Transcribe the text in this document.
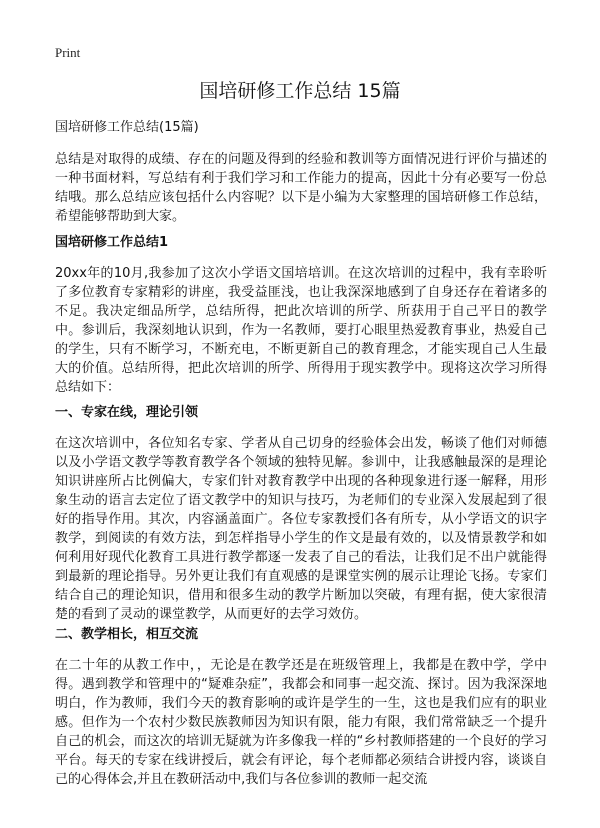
Print
国培研修工作总结 15篇
国培研修工作总结(15篇)

总结是对取得的成绩、存在的问题及得到的经验和教训等方面情况进行评价与描述的一种书面材料，写总结有利于我们学习和工作能力的提高，因此十分有必要写一份总结哦。那么总结应该包括什么内容呢？以下是小编为大家整理的国培研修工作总结，希望能够帮助到大家。

国培研修工作总结1

20xx年的10月,我参加了这次小学语文国培培训。在这次培训的过程中，我有幸聆听了多位教育专家精彩的讲座，我受益匪浅，也让我深深地感到了自身还存在着诸多的不足。我决定细品所学，总结所得，把此次培训的所学、所获用于自己平日的教学中。参训后，我深刻地认识到，作为一名教师，要打心眼里热爱教育事业，热爱自己的学生，只有不断学习，不断充电，不断更新自己的教育理念，才能实现自己人生最大的价值。总结所得，把此次培训的所学、所得用于现实教学中。现将这次学习所得总结如下：

一、专家在线，理论引领

在这次培训中，各位知名专家、学者从自己切身的经验体会出发，畅谈了他们对师德以及小学语文教学等教育教学各个领域的独特见解。参训中，让我感触最深的是理论知识讲座所占比例偏大，专家们针对教育教学中出现的各种现象进行逐一解释，用形象生动的语言去定位了语文教学中的知识与技巧，为老师们的专业深入发展起到了很好的指导作用。其次，内容涵盖面广。各位专家教授们各有所专，从小学语文的识字教学，到阅读的有效方法，到怎样指导小学生的作文是最有效的，以及情景教学和如何利用好现代化教育工具进行教学都逐一发表了自己的看法，让我们足不出户就能得到最新的理论指导。另外更让我们有直观感的是课堂实例的展示让理论飞扬。专家们结合自己的理论知识，借用和很多生动的教学片断加以突破，有理有据，使大家很清楚的看到了灵动的课堂教学，从而更好的去学习效仿。

二、教学相长，相互交流

在二十年的从教工作中，，无论是在教学还是在班级管理上，我都是在教中学，学中得。遇到教学和管理中的“疑难杂症”，我都会和同事一起交流、探讨。因为我深深地明白，作为教师，我们今天的教育影响的或许是学生的一生，这也是我们应有的职业感。但作为一个农村少数民族教师因为知识有限，能力有限，我们常常缺乏一个提升自己的机会，而这次的培训无疑就为许多像我一样的“乡村教师搭建的一个良好的学习平台。每天的专家在线讲授后，就会有评论，每个老师都必须结合讲授内容，谈谈自己的心得体会,并且在教研活动中,我们与各位参训的教师一起交流
